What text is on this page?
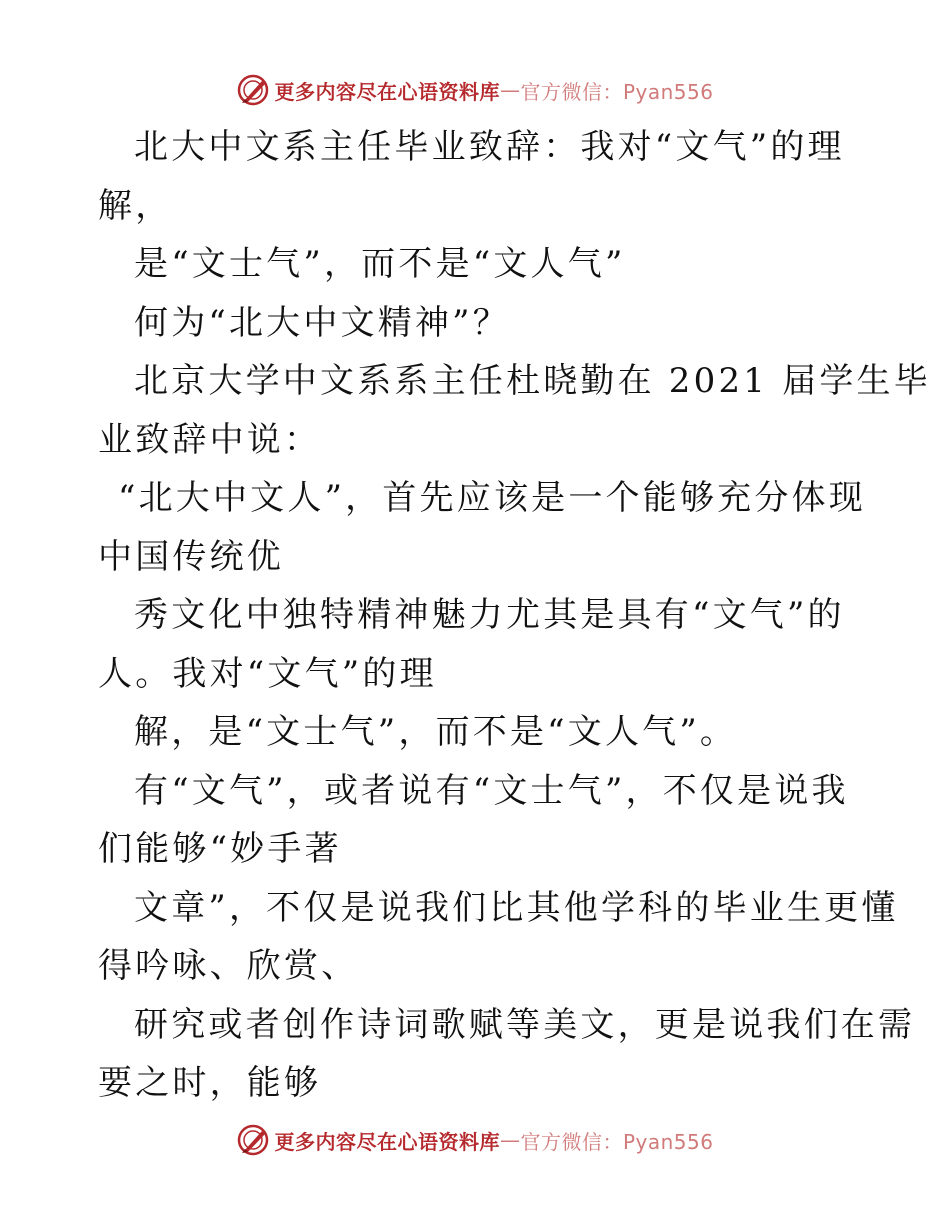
更多内容尽在心语资料库 — 官方微信：Pyan556
北大中文系主任毕业致辞：我对“文气”的理
解，
是“文士气”，而不是“文人气”
何为“北大中文精神”？
北京大学中文系系主任杜晓勤在 2021 届学生毕
业致辞中说：
“北大中文人”，首先应该是一个能够充分体现
中国传统优
秀文化中独特精神魅力尤其是具有“文气”的
人。我对“文气”的理
解，是“文士气”，而不是“文人气”。
有“文气”，或者说有“文士气”，不仅是说我
们能够“妙手著
文章”，不仅是说我们比其他学科的毕业生更懂
得吟咏、欣赏、
研究或者创作诗词歌赋等美文，更是说我们在需
要之时，能够
更多内容尽在心语资料库 — 官方微信：Pyan556
